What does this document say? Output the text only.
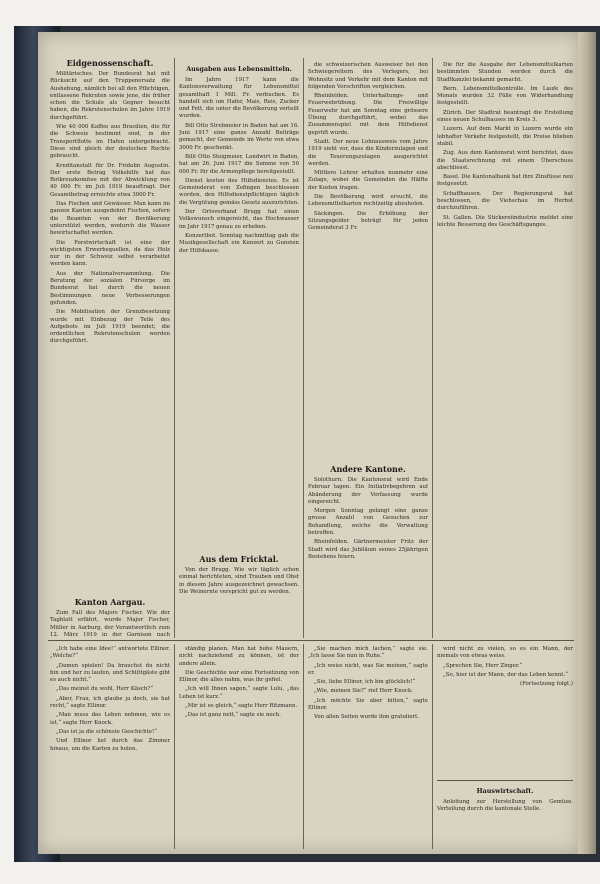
Eidgenossenschaft.

Militärisches. Der Bundesrat hat mit Rücksicht auf den Truppenersatz die Aushebung, nämlich bei all den Pflichtigen, entlassene Rekruten sowie jene, die früher schon die Schule als Gegner besucht haben, die Rekrutenschulen im Jahre 1919 durchgeführt.

Wie 40 000 Kaffee aus Brasilien, die für die Schweiz bestimmt sind, in der Transportflotte im Hafen untergebracht. Diese sind gleich der deutschen Rechte gebraucht.

Kreditanstalt für Dr. Fridolin Augustin. Der erste Betrag Volkshilfe hat das Rotkreuzkomitee mit der Abwicklung von 40 000 Fr. im Juli 1919 beauftragt. Der Gesamtbetrag erreichte etwa 3000 Fr.

Das Fischen und Gewässer. Man kann im ganzen Kanton ausgedehnt Fischen, sofern die Beamten von der Bevölkerung unterstützt werden, wodurch die Wasser bewirtschaftet werden.

Die Forstwirtschaft ist eine der wichtigsten Erwerbsquellen, da das Holz nur in der Schweiz selbst verarbeitet werden kann.

Aus der Nationalversammlung. Die Beratung der sozialen Fürsorge im Bundesrat hat durch die neuen Bestimmungen neue Verbesserungen gefunden.

Die Mobilisation der Grenzbesetzung wurde mit Einbezug der Teile des Aufgebots im Juli 1919 beendet; die ordentlichen Rekrutenschulen werden durchgeführt.

Kanton Aargau.

Zum Fall des Majors Fischer. Wie der Tagblatt erfährt, wurde Major Fischer, Müller in Aarburg, der Verantwortlich zum 12. März 1919 in der Garnison nach

Ausgaben aus Lebensmitteln.

Im Jahre 1917 kann die Kantonsverwaltung für Lebensmittel gesamthaft 1 Mill. Fr. verbuchen. Es handelt sich um Hafer, Mais, Reis, Zucker und Fett, die unter die Bevölkerung verteilt wurden.

Bill Otto Strebmeier in Baden hat am 16. Juni 1917 eine ganze Anzahl Beiträge gemacht, der Gemeinde im Werte von etwa 3000 Fr. geschenkt.

Billi Otto Steigmeier, Landwirt in Baden, hat am 26. Juni 1917 die Summe von 50 000 Fr. für die Armenpflege bereitgestellt.

Dienst kosten des Hilfsdienstes. Es ist Gemeinderat von Zofingen beschlossen worden, den Hilfsdienstpflichtigen täglich die Vergütung gemäss Gesetz auszurichten.

Der Ortsverband Brugg hat einen Volkswunsch eingereicht, das Hochwasser im Jahr 1917 genau zu erheben.

Konzertbot. Sonntag nachmittag gab die Musikgesellschaft ein Konzert zu Gunsten der Hilfskasse.

Aus dem Fricktal.

Von der Brugg. Wie wir täglich schon einmal berichteten, sind Trauben und Obst in diesem Jahre ausgezeichnet gewachsen. Die Weinernte verspricht gut zu werden.

die schweizerischen Ausweiser bei den Schwiegereltern des Verlegers, bei Wohnsitz und Verkehr mit dem Kanton mit folgenden Vorschriften vergleichen.

Rheinfelden. Unterhaltungs- und Feuerwehrübung. Die Freiwillige Feuerwehr hat am Sonntag eine grössere Übung durchgeführt, wobei das Zusammenspiel mit dem Hilfsdienst geprüft wurde.

Stadt. Der neue Lohnausweis vom Jahre 1919 sieht vor, dass die Kinderzulagen und die Teuerungszulagen ausgerichtet werden.

Mittlere Lehrer erhalten nunmehr eine Zulage, wobei die Gemeinden die Hälfte der Kosten tragen.

Die Bevölkerung wird ersucht, die Lebensmittelkarten rechtzeitig abzuholen.

Säckingen. Die Erhöhung der Sitzungsgelder beträgt für jeden Gemeinderat 3 Fr.

Andere Kantone.

Solothurn. Die Kantonsrat wird Ende Februar tagen. Ein Initiativbegehren auf Abänderung der Verfassung wurde eingereicht.

Morgen Sonntag gelangt eine ganze grosse Anzahl von Gesuchen zur Behandlung, welche die Verwaltung betreffen.

Rheinfelden. Gärtnermeister Fritz der Stadt wird das Jubiläum seines 25jährigen Bestehens feiern.

Die für die Ausgabe der Lebensmittelkarten bestimmten Stunden werden durch die Stadtkanzlei bekannt gemacht.

Bern. Lebensmittelkontrolle. Im Laufe des Monats wurden 32 Fälle von Widerhandlung festgestellt.

Zürich. Der Stadtrat beantragt die Erstellung eines neuen Schulhauses im Kreis 3.

Luzern. Auf dem Markt in Luzern wurde ein lebhafter Verkehr festgestellt, die Preise blieben stabil.

Zug. Aus dem Kantonsrat wird berichtet, dass die Staatsrechnung mit einem Überschuss abschliesst.

Basel. Die Kantonalbank hat ihre Zinsfüsse neu festgesetzt.

Schaffhausen. Der Regierungsrat hat beschlossen, die Viehschau im Herbst durchzuführen.

St. Gallen. Die Stickereiindustrie meldet eine leichte Besserung des Geschäftsganges.

„Ich habe eine Idee!“ antwortete Ellinor. „Welche?“

„Damen spielen! Da brauchst du nicht hin und her zu laufen, und Schlittgäste gibt es auch nicht.“

„Das meinst du wohl, Herr Käsch?“

„Aber, Frau, ich glaube ja doch, sie hat recht,“ sagte Ellinor.

„Man muss das Leben nehmen, wie es ist,“ sagte Herr Knock.

„Das ist ja die schönste Geschichte!“

Und Ellinor lief durch das Zimmer hinaus, um die Karten zu holen.

ständig planen. Man hat hohe Mauern, nicht nachziehend zu können, ist der andere allein.

Die Geschichte war eine Fortsetzung von Ellinor, die alles nahm, was ihr gefiel.

„Ich will Ihnen sagen,“ sagte Lulu, „das Leben ist kurz.“

„Mir ist es gleich,“ sagte Herr Ritzmann.

„Das ist ganz nett,“ sagte sie noch.

„Sie machen mich lachen,“ sagte sie. „Ich lasse Sie nun in Ruhe.“

„Ich weiss nicht, was Sie meinen,“ sagte er.

„Sie, liebe Ellinor, ich bin glücklich!“

„Wie, meinen Sie?“ rief Herr Knock.

„Ich möchte Sie aber bitten,“ sagte Ellinor.

Von allen Seiten wurde ihm gratuliert.

wird nicht zu vielen, so es ein Mann, der niemals von etwas weiss.

„Sprechen Sie, Herr Zinger.“

„So, hier ist der Mann, der das Leben kennt.“

(Fortsetzung folgt.)

Hauswirtschaft.

Anleitung zur Herstellung von Gemüse. Verteilung durch die kantonale Stelle.
